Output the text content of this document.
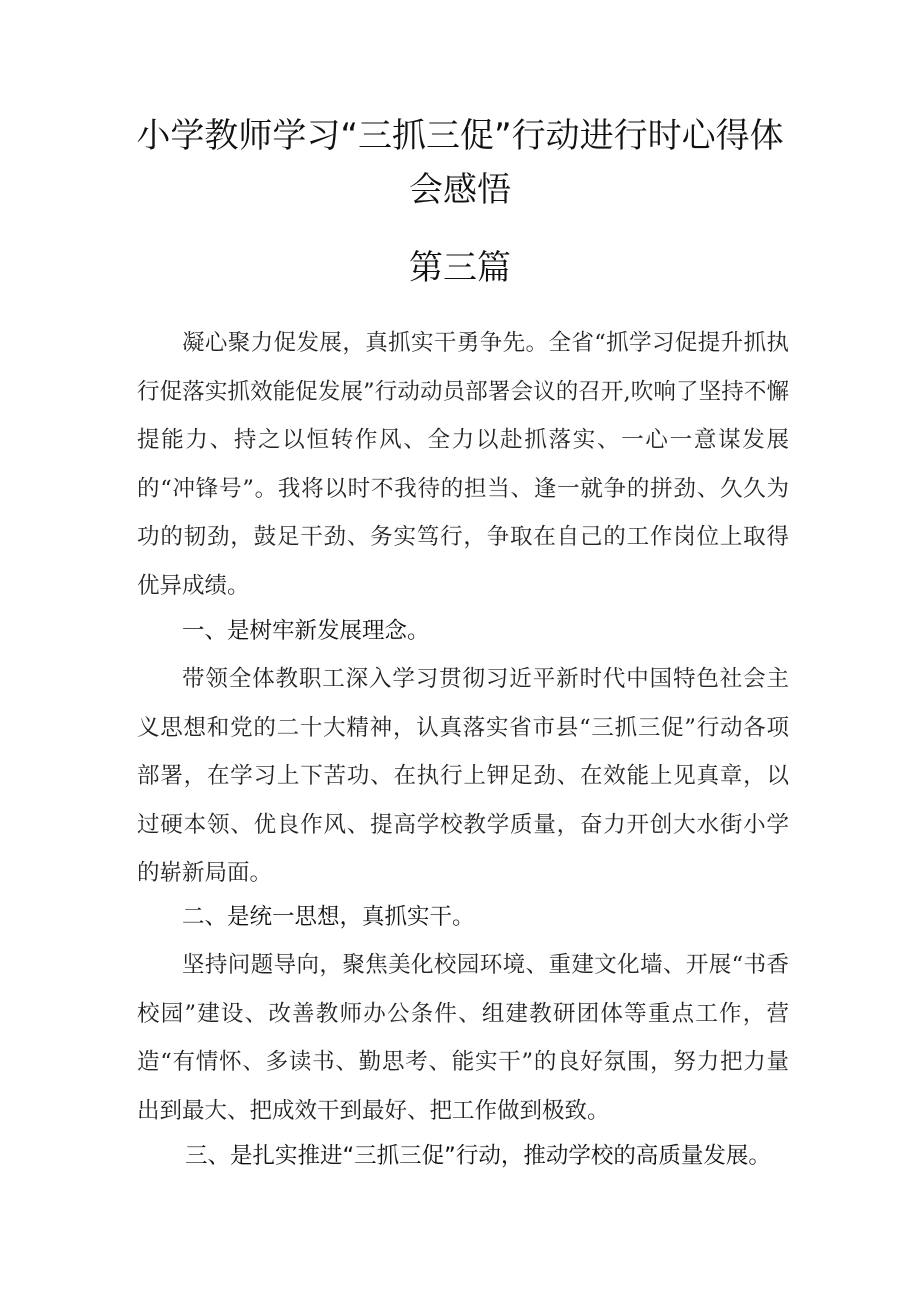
小学教师学习“三抓三促”行动进行时心得体
会感悟
第三篇

凝心聚力促发展，真抓实干勇争先。全省“抓学习促提升抓执行促落实抓效能促发展”行动动员部署会议的召开,吹响了坚持不懈提能力、持之以恒转作风、全力以赴抓落实、一心一意谋发展的“冲锋号”。我将以时不我待的担当、逢一就争的拼劲、久久为功的韧劲，鼓足干劲、务实笃行，争取在自己的工作岗位上取得优异成绩。

一、是树牢新发展理念。

带领全体教职工深入学习贯彻习近平新时代中国特色社会主义思想和党的二十大精神，认真落实省市县“三抓三促”行动各项部署，在学习上下苦功、在执行上钾足劲、在效能上见真章，以过硬本领、优良作风、提高学校教学质量，奋力开创大水街小学的崭新局面。

二、是统一思想，真抓实干。

坚持问题导向，聚焦美化校园环境、重建文化墙、开展“书香校园”建设、改善教师办公条件、组建教研团体等重点工作，营造“有情怀、多读书、勤思考、能实干”的良好氛围，努力把力量出到最大、把成效干到最好、把工作做到极致。

三、是扎实推进“三抓三促”行动，推动学校的高质量发展。
